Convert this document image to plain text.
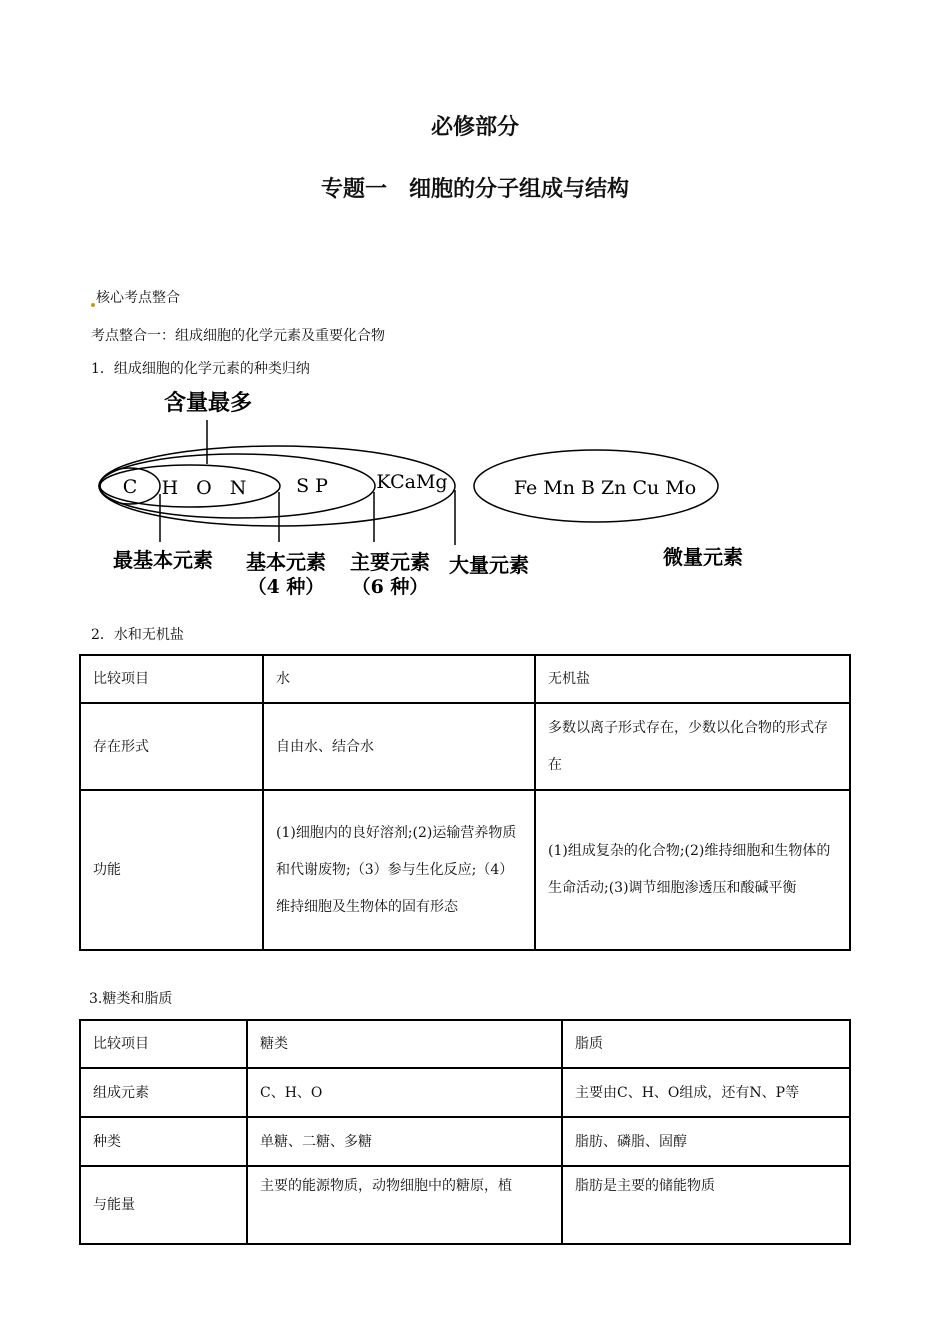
必修部分
专题一　细胞的分子组成与结构
核心考点整合
考点整合一：组成细胞的化学元素及重要化合物
1．组成细胞的化学元素的种类归纳
含量最多
C H O N S P	KCaMg	Fe Mn B Zn Cu Mo
最基本元素 基本元素
（4 种）
主要元素
（6 种）
大量元素	微量元素
2．水和无机盐
比较项目	水	无机盐
存在形式	自由水、结合水	多数以离子形式存在，少数以化合物的形式存在
功能	(1)细胞内的良好溶剂;(2)运输营养物质和代谢废物;（3）参与生化反应;（4）维持细胞及生物体的固有形态	(1)组成复杂的化合物;(2)维持细胞和生物体的生命活动;(3)调节细胞渗透压和酸碱平衡
3.糖类和脂质
比较项目	糖类	脂质
组成元素	C、H、O	主要由C、H、O组成，还有N、P等
种类	单糖、二糖、多糖	脂肪、磷脂、固醇
与能量	主要的能源物质，动物细胞中的糖原，植	脂肪是主要的储能物质
